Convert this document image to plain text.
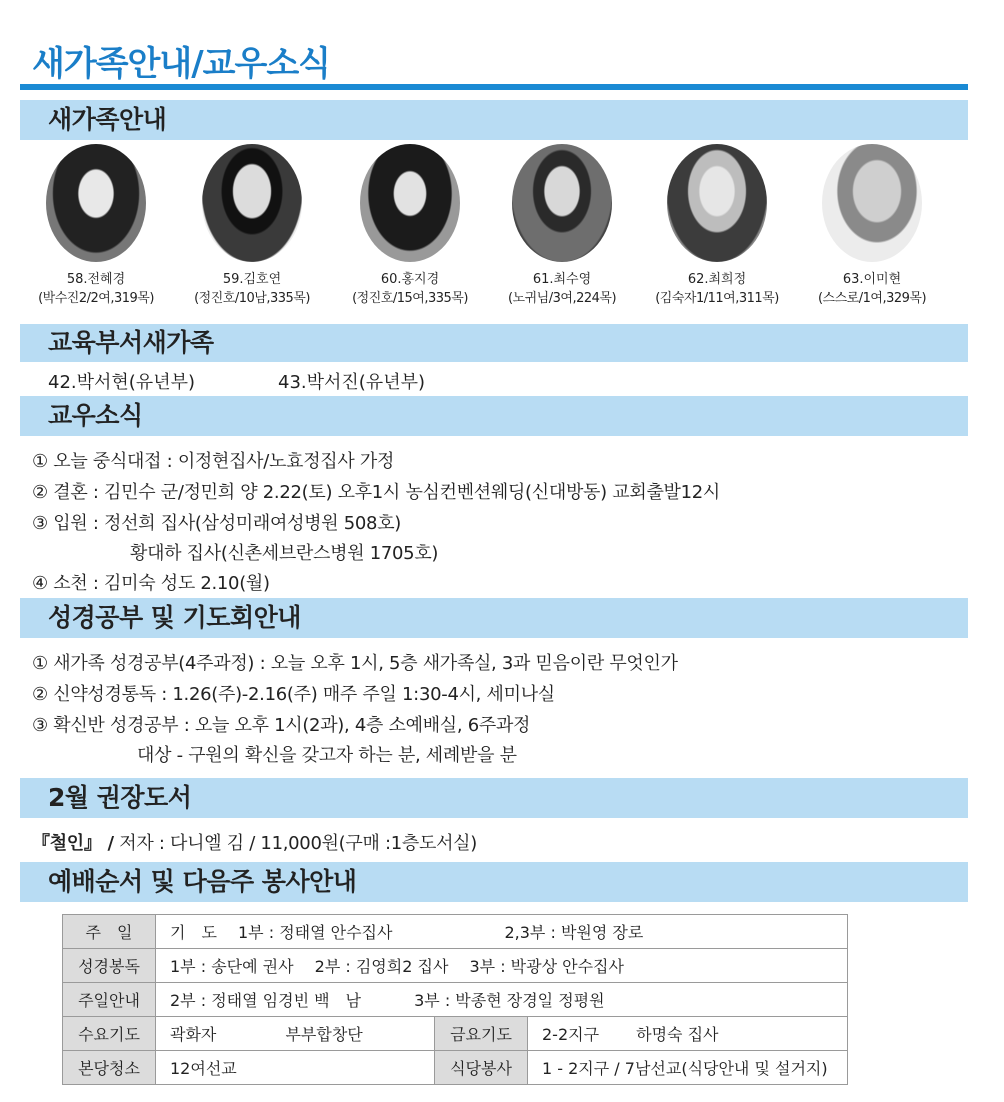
새가족안내/교우소식
새가족안내
58.전혜경
(박수진2/2여,319목)
59.김호연
(정진호/10남,335목)
60.홍지경
(정진호/15여,335목)
61.최수영
(노귀님/3여,224목)
62.최희정
(김숙자1/11여,311목)
63.이미현
(스스로/1여,329목)
교육부서새가족
42.박서현(유년부)	43.박서진(유년부)
교우소식
① 오늘 중식대접 : 이정현집사/노효정집사 가정
② 결혼 : 김민수 군/정민희 양 2.22(토) 오후1시 농심컨벤션웨딩(신대방동) 교회출발12시
③ 입원 : 정선희 집사(삼성미래여성병원 508호)
황대하 집사(신촌세브란스병원 1705호)
④ 소천 : 김미숙 성도 2.10(월)
성경공부 및 기도회안내
① 새가족 성경공부(4주과정) : 오늘 오후 1시, 5층 새가족실, 3과 믿음이란 무엇인가
② 신약성경통독 : 1.26(주)-2.16(주) 매주 주일 1:30-4시, 세미나실
③ 확신반 성경공부 : 오늘 오후 1시(2과), 4층 소예배실, 6주과정
대상 - 구원의 확신을 갖고자 하는 분, 세례받을 분
2월 권장도서
『철인』 / 저자 : 다니엘 김 / 11,000원(구매 :1층도서실)
예배순서 및 다음주 봉사안내
주　일	기　도　 1부 : 정태열 안수집사　　　　　　　2,3부 : 박원영 장로		
성경봉독	1부 : 송단예 권사　 2부 : 김영희2 집사　 3부 : 박광상 안수집사		
주일안내	2부 : 정태열 임경빈 백　남　　　 3부 : 박종현 장경일 정평원		
수요기도	곽화자　　　　 부부합창단	금요기도	2-2지구　　 하명숙 집사
본당청소	12여선교	식당봉사	1 - 2지구 / 7남선교(식당안내 및 설거지)
